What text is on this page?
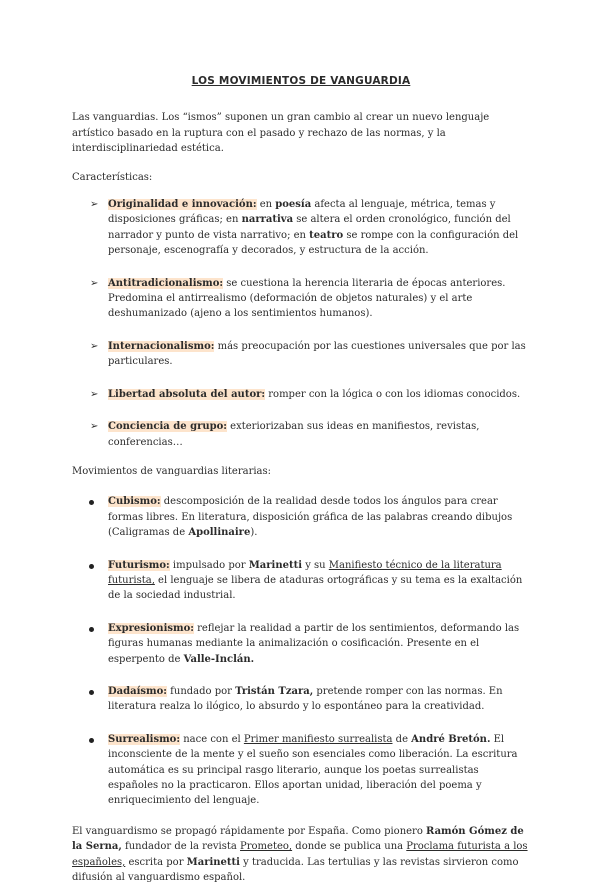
LOS MOVIMIENTOS DE VANGUARDIA

Las vanguardias. Los “ismos” suponen un gran cambio al crear un nuevo lenguaje artístico basado en la ruptura con el pasado y rechazo de las normas, y la interdisciplinariedad estética.

Características:

➢ Originalidad e innovación: en poesía afecta al lenguaje, métrica, temas y disposiciones gráficas; en narrativa se altera el orden cronológico, función del narrador y punto de vista narrativo; en teatro se rompe con la configuración del personaje, escenografía y decorados, y estructura de la acción.
➢ Antitradicionalismo: se cuestiona la herencia literaria de épocas anteriores. Predomina el antirrealismo (deformación de objetos naturales) y el arte deshumanizado (ajeno a los sentimientos humanos).
➢ Internacionalismo: más preocupación por las cuestiones universales que por las particulares.
➢ Libertad absoluta del autor: romper con la lógica o con los idiomas conocidos.
➢ Conciencia de grupo: exteriorizaban sus ideas en manifiestos, revistas, conferencias…

Movimientos de vanguardias literarias:

Cubismo: descomposición de la realidad desde todos los ángulos para crear formas libres. En literatura, disposición gráfica de las palabras creando dibujos (Caligramas de Apollinaire).
Futurismo: impulsado por Marinetti y su Manifiesto técnico de la literatura futurista, el lenguaje se libera de ataduras ortográficas y su tema es la exaltación de la sociedad industrial.
Expresionismo: reflejar la realidad a partir de los sentimientos, deformando las figuras humanas mediante la animalización o cosificación. Presente en el esperpento de Valle-Inclán.
Dadaísmo: fundado por Tristán Tzara, pretende romper con las normas. En literatura realza lo ilógico, lo absurdo y lo espontáneo para la creatividad.
Surrealismo: nace con el Primer manifiesto surrealista de André Bretón. El inconsciente de la mente y el sueño son esenciales como liberación. La escritura automática es su principal rasgo literario, aunque los poetas surrealistas españoles no la practicaron. Ellos aportan unidad, liberación del poema y enriquecimiento del lenguaje.

El vanguardismo se propagó rápidamente por España. Como pionero Ramón Gómez de la Serna, fundador de la revista Prometeo, donde se publica una Proclama futurista a los españoles, escrita por Marinetti y traducida. Las tertulias y las revistas sirvieron como difusión al vanguardismo español.
